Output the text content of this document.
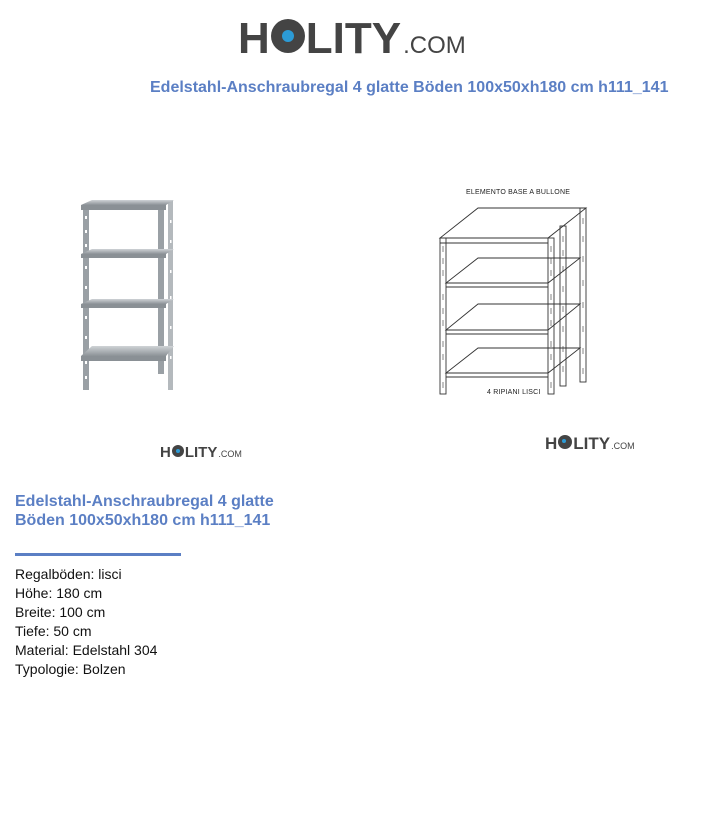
H LITY .COM
Edelstahl-Anschraubregal 4 glatte Böden 100x50xh180 cm h111_141
ELEMENTO BASE A BULLONE
4 RIPIANI LISCI
H LITY .COM
H LITY .COM
Edelstahl-Anschraubregal 4 glatte Böden 100x50xh180 cm h111_141
Regalböden: lisci
Höhe: 180 cm
Breite: 100 cm
Tiefe: 50 cm
Material: Edelstahl 304
Typologie: Bolzen
